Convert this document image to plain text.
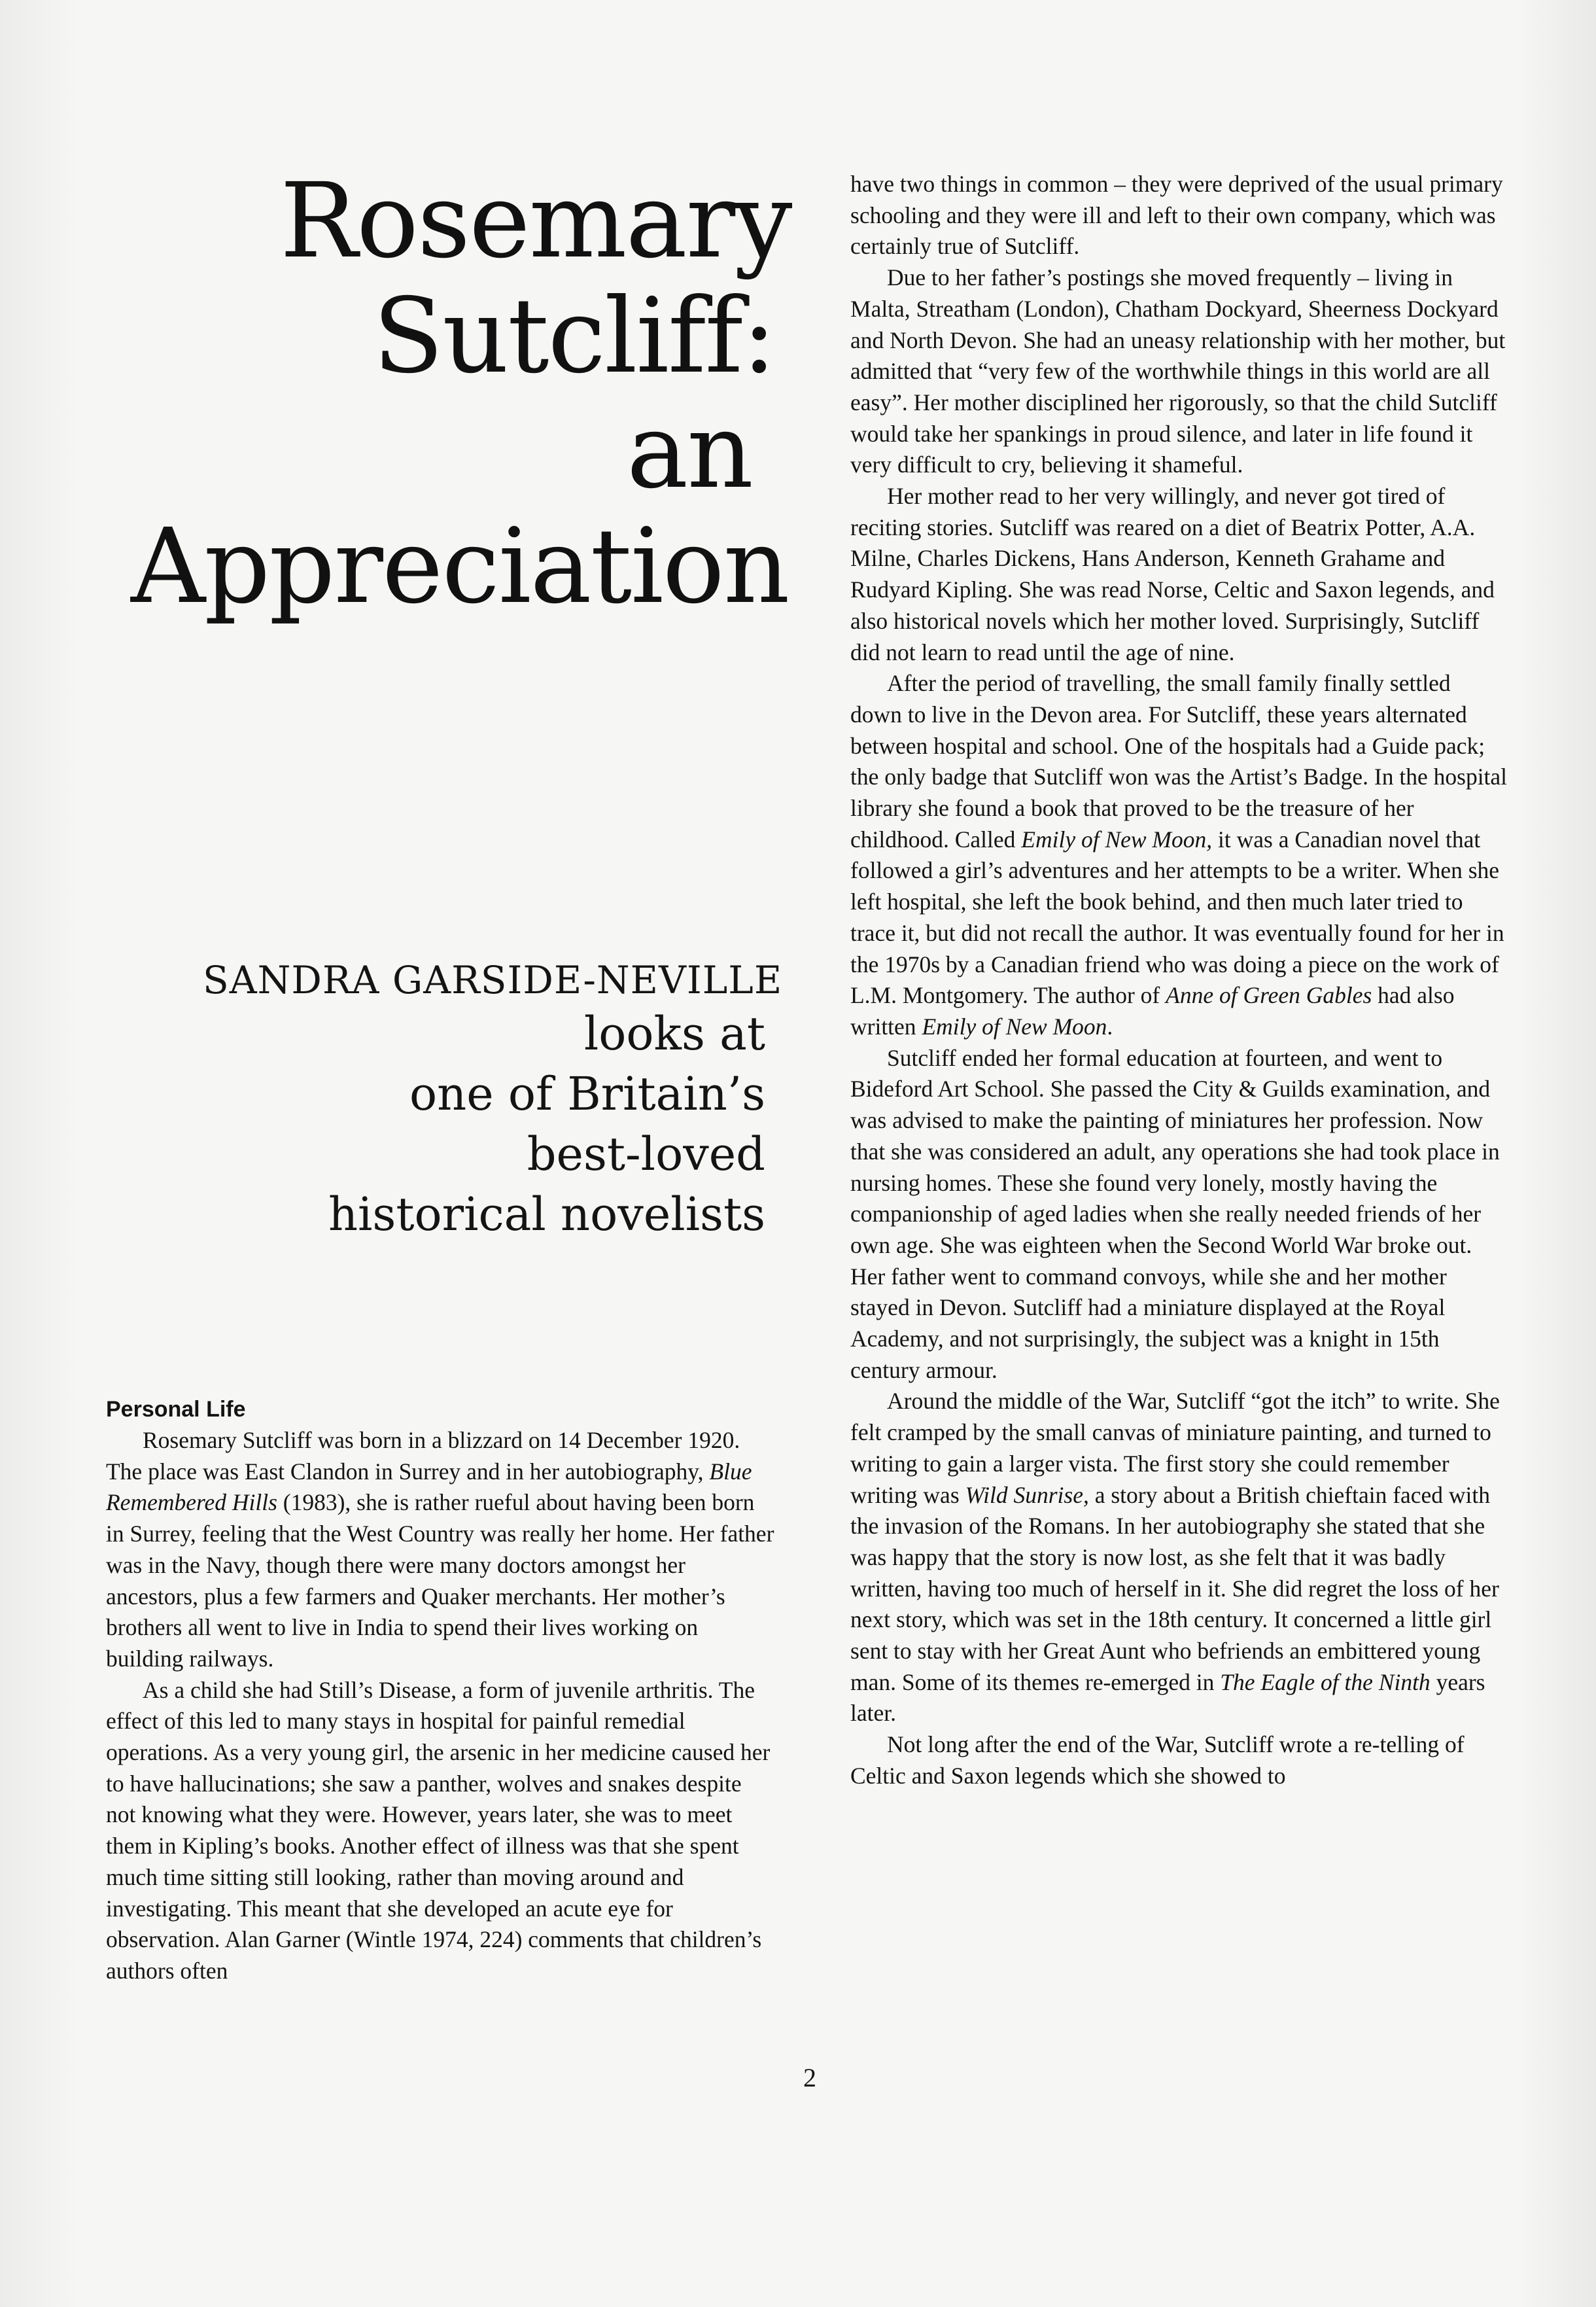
Rosemary
Sutcliff:
an
Appreciation
SANDRA GARSIDE-NEVILLE
looks at
one of Britain’s
best-loved
historical novelists
Personal Life

Rosemary Sutcliff was born in a blizzard on 14 December 1920. The place was East Clandon in Surrey and in her autobiography, Blue Remembered Hills (1983), she is rather rueful about having been born in Surrey, feeling that the West Country was really her home. Her father was in the Navy, though there were many doctors amongst her ancestors, plus a few farmers and Quaker merchants. Her mother’s brothers all went to live in India to spend their lives working on building railways.

As a child she had Still’s Disease, a form of juvenile arthritis. The effect of this led to many stays in hospital for painful remedial operations. As a very young girl, the arsenic in her medicine caused her to have hallucinations; she saw a panther, wolves and snakes despite not knowing what they were. However, years later, she was to meet them in Kipling’s books. Another effect of illness was that she spent much time sitting still looking, rather than moving around and investigating. This meant that she developed an acute eye for observation. Alan Garner (Wintle 1974, 224) comments that children’s authors often

have two things in common – they were deprived of the usual primary schooling and they were ill and left to their own company, which was certainly true of Sutcliff.

Due to her father’s postings she moved frequently – living in Malta, Streatham (London), Chatham Dockyard, Sheerness Dockyard and North Devon. She had an uneasy relationship with her mother, but admitted that “very few of the worthwhile things in this world are all easy”. Her mother disciplined her rigorously, so that the child Sutcliff would take her spankings in proud silence, and later in life found it very difficult to cry, believing it shameful.

Her mother read to her very willingly, and never got tired of reciting stories. Sutcliff was reared on a diet of Beatrix Potter, A.A. Milne, Charles Dickens, Hans Anderson, Kenneth Grahame and Rudyard Kipling. She was read Norse, Celtic and Saxon legends, and also historical novels which her mother loved. Surprisingly, Sutcliff did not learn to read until the age of nine.

After the period of travelling, the small family finally settled down to live in the Devon area. For Sutcliff, these years alternated between hospital and school. One of the hospitals had a Guide pack; the only badge that Sutcliff won was the Artist’s Badge. In the hospital library she found a book that proved to be the treasure of her childhood. Called Emily of New Moon, it was a Canadian novel that followed a girl’s adventures and her attempts to be a writer. When she left hospital, she left the book behind, and then much later tried to trace it, but did not recall the author. It was eventually found for her in the 1970s by a Canadian friend who was doing a piece on the work of L.M. Montgomery. The author of Anne of Green Gables had also written Emily of New Moon.

Sutcliff ended her formal education at fourteen, and went to Bideford Art School. She passed the City & Guilds examination, and was advised to make the painting of miniatures her profession. Now that she was considered an adult, any operations she had took place in nursing homes. These she found very lonely, mostly having the companionship of aged ladies when she really needed friends of her own age. She was eighteen when the Second World War broke out. Her father went to command convoys, while she and her mother stayed in Devon. Sutcliff had a miniature displayed at the Royal Academy, and not surprisingly, the subject was a knight in 15th century armour.

Around the middle of the War, Sutcliff “got the itch” to write. She felt cramped by the small canvas of miniature painting, and turned to writing to gain a larger vista. The first story she could remember writing was Wild Sunrise, a story about a British chieftain faced with the invasion of the Romans. In her autobiography she stated that she was happy that the story is now lost, as she felt that it was badly written, having too much of herself in it. She did regret the loss of her next story, which was set in the 18th century. It concerned a little girl sent to stay with her Great Aunt who befriends an embittered young man. Some of its themes re-emerged in The Eagle of the Ninth years later.

Not long after the end of the War, Sutcliff wrote a re-telling of Celtic and Saxon legends which she showed to

2
